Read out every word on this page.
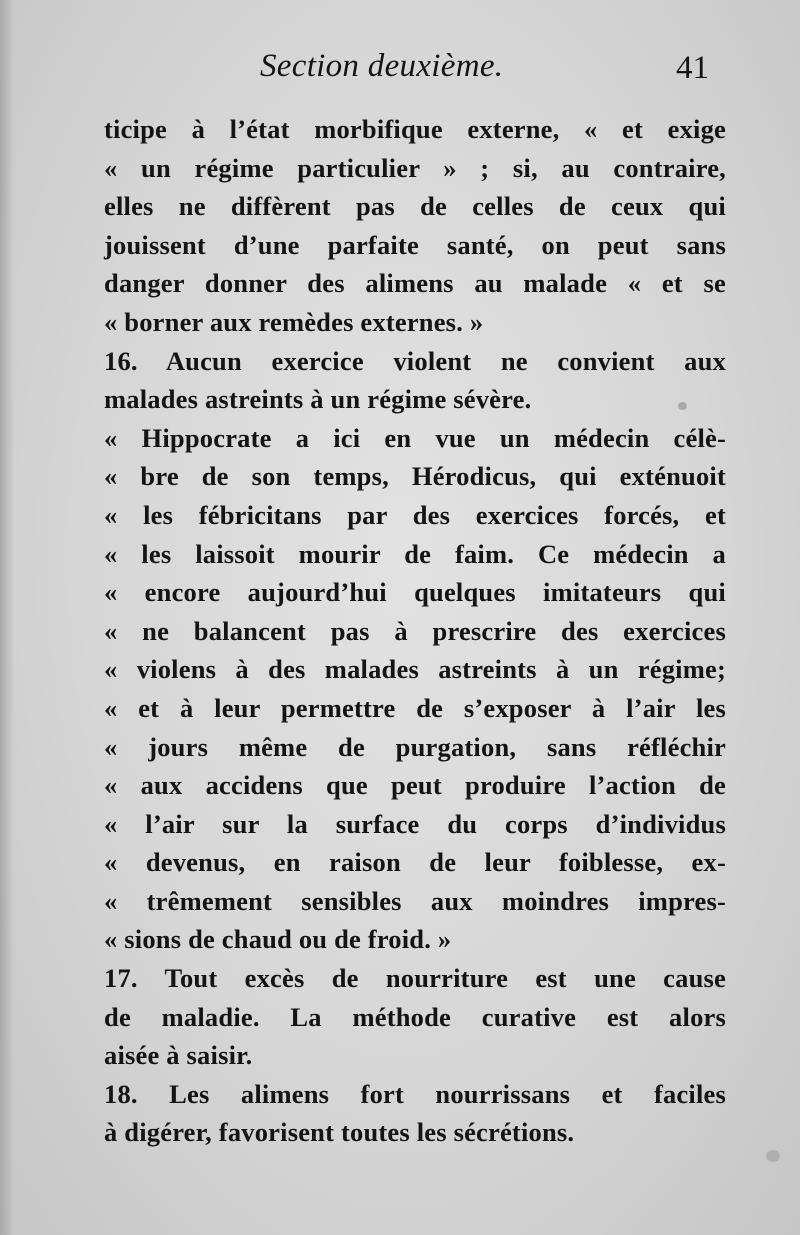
Section deuxième.	41
ticipe à l’état morbifique externe, « et exige
« un régime particulier » ; si, au contraire,
elles ne diffèrent pas de celles de ceux qui
jouissent d’une parfaite santé, on peut sans
danger donner des alimens au malade « et se
« borner aux remèdes externes. »
16. Aucun exercice violent ne convient aux
malades astreints à un régime sévère.
« Hippocrate a ici en vue un médecin célè-
« bre de son temps, Hérodicus, qui exténuoit
« les fébricitans par des exercices forcés, et
« les laissoit mourir de faim. Ce médecin a
« encore aujourd’hui quelques imitateurs qui
« ne balancent pas à prescrire des exercices
« violens à des malades astreints à un régime;
« et à leur permettre de s’exposer à l’air les
« jours même de purgation, sans réfléchir
« aux accidens que peut produire l’action de
« l’air sur la surface du corps d’individus
« devenus, en raison de leur foiblesse, ex-
« trêmement sensibles aux moindres impres-
« sions de chaud ou de froid. »
17. Tout excès de nourriture est une cause
de maladie. La méthode curative est alors
aisée à saisir.
18. Les alimens fort nourrissans et faciles
à digérer, favorisent toutes les sécrétions.
